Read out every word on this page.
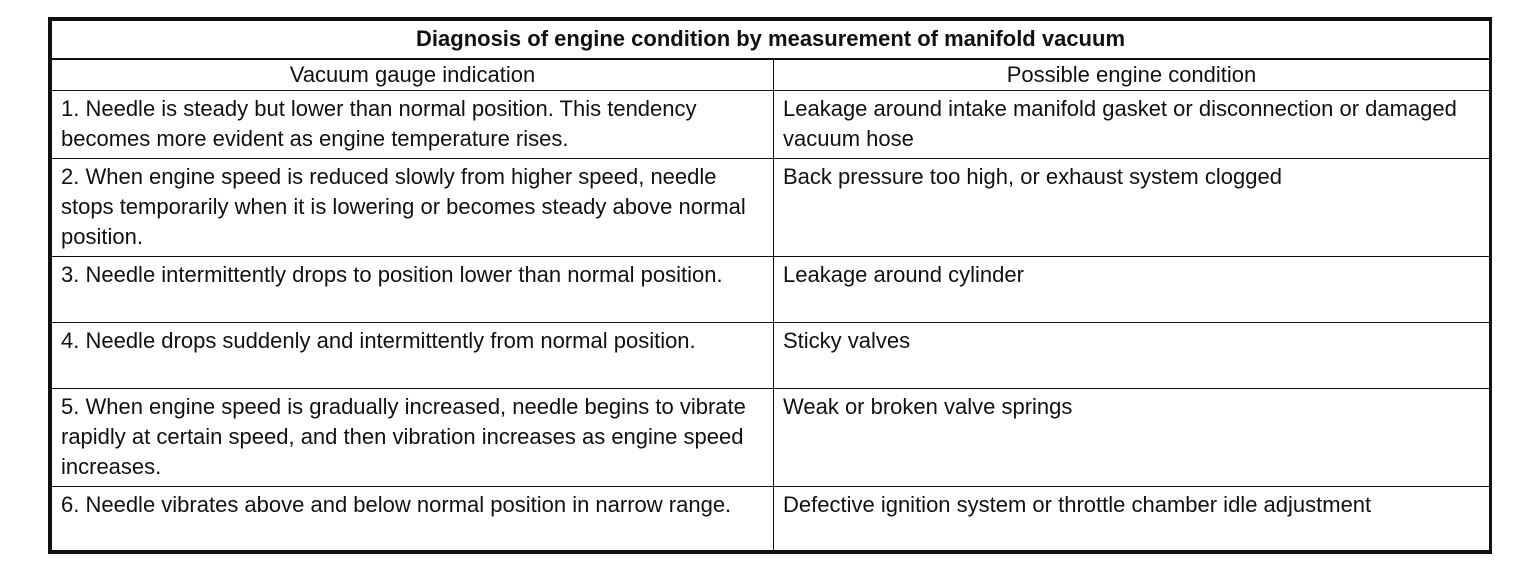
Diagnosis of engine condition by measurement of manifold vacuum	
Vacuum gauge indication	Possible engine condition
1. Needle is steady but lower than normal position. This tendency becomes more evident as engine temperature rises.	Leakage around intake manifold gasket or disconnection or damaged vacuum hose
2. When engine speed is reduced slowly from higher speed, needle stops temporarily when it is lowering or becomes steady above normal position.	Back pressure too high, or exhaust system clogged
3. Needle intermittently drops to position lower than normal position.	Leakage around cylinder
4. Needle drops suddenly and intermittently from normal position.	Sticky valves
5. When engine speed is gradually increased, needle begins to vibrate rapidly at certain speed, and then vibration increases as engine speed increases.	Weak or broken valve springs
6. Needle vibrates above and below normal position in narrow range.	Defective ignition system or throttle chamber idle adjustment
